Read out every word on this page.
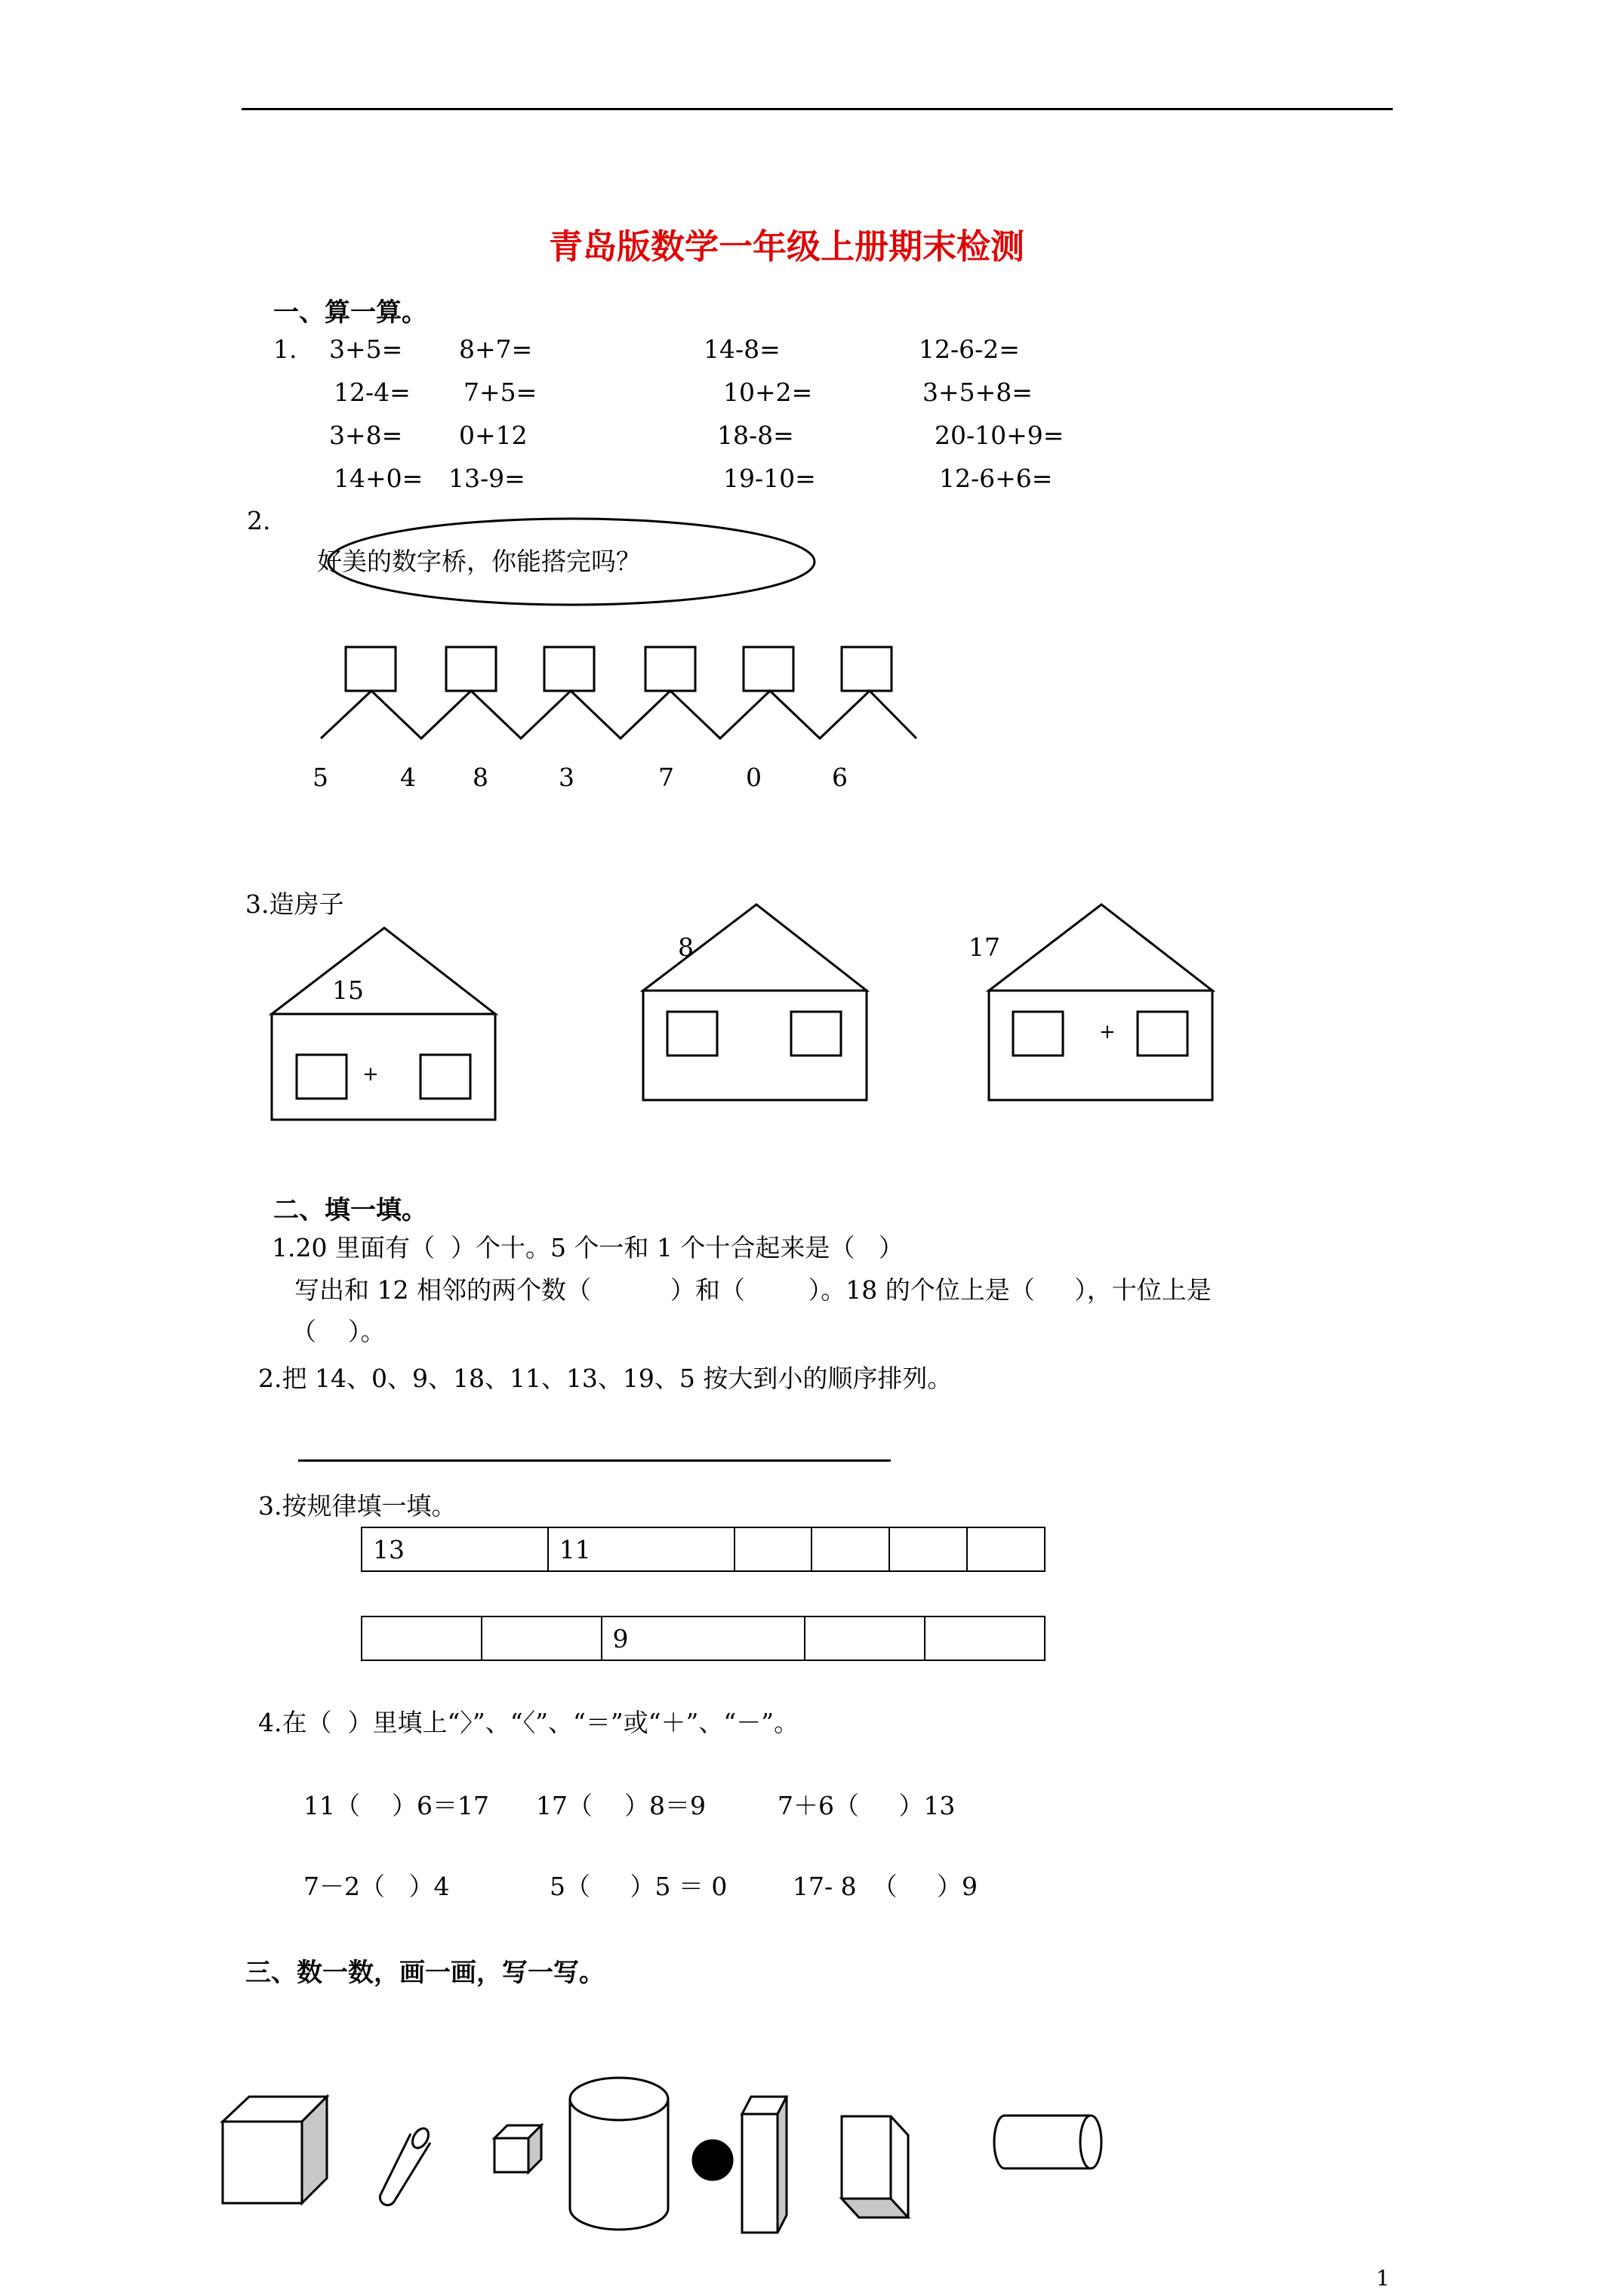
青岛版数学一年级上册期末检测
一、算一算。
1. 3+5= 8+7=	14-8=	12-6-2=
12-4= 7+5=	10+2=	3+5+8=
3+8= 0+12	18-8=	20-10+9=
14+0= 13-9=	19-10=	12-6+6=
2.
好美的数字桥，你能搭完吗？
5	4 8	3	7	0	6
3.造房子
15
+
8	17
+
二、填一填。
1.20 里面有（  ）个十。5 个一和 1 个十合起来是（   ）
写出和 12 相邻的两个数（          ）和（        ）。18 的个位上是（     ），十位上是
（    ）。
2.把 14、0、9、18、11、13、19、5 按大到小的顺序排列。
3.按规律填一填。
13	11				
		9		
4.在（  ）里填上“〉”、“〈”、“＝”或“＋”、“－”。
11（    ）6＝17 17（    ）8＝9	7＋6（     ）13
7－2（   ）4	5（     ）5 ＝ 0	17- 8  （     ）9
三、数一数，画一画，写一写。
1
